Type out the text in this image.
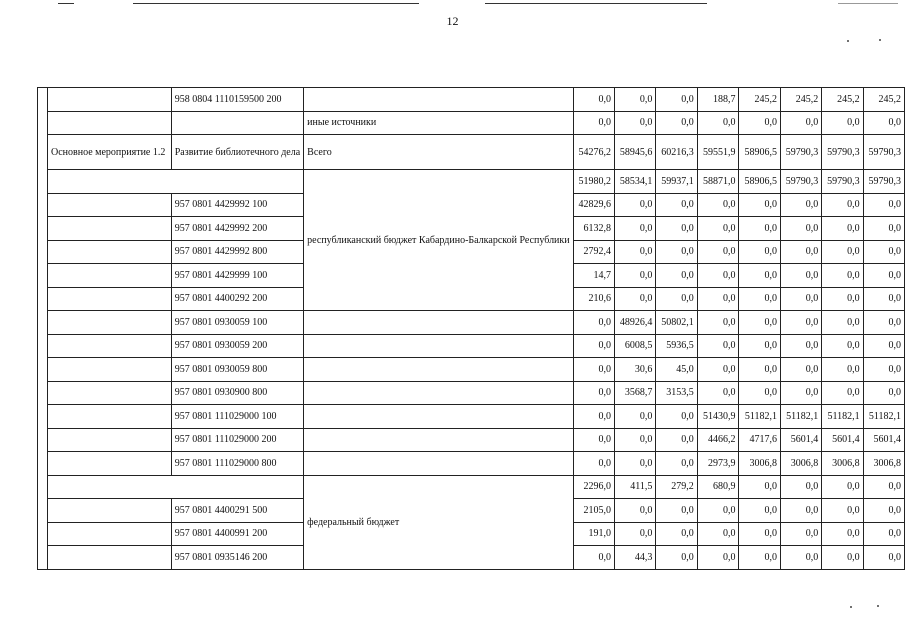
12
		958 0804 1110159500 200		0,0	0,0	0,0	188,7	245,2	245,2	245,2	245,2
			иные источники	0,0	0,0	0,0	0,0	0,0	0,0	0,0	0,0
	Основное мероприятие 1.2	Развитие библиотечного дела	Всего	54276,2	58945,6	60216,3	59551,9	58906,5	59790,3	59790,3	59790,3
			республиканский бюджет Кабардино-Балкарской Республики	51980,2	58534,1	59937,1	58871,0	58906,5	59790,3	59790,3	59790,3
		957 0801 4429992 100		42829,6	0,0	0,0	0,0	0,0	0,0	0,0	0,0
		957 0801 4429992 200		6132,8	0,0	0,0	0,0	0,0	0,0	0,0	0,0
		957 0801 4429992 800		2792,4	0,0	0,0	0,0	0,0	0,0	0,0	0,0
		957 0801 4429999 100		14,7	0,0	0,0	0,0	0,0	0,0	0,0	0,0
		957 0801 4400292 200		210,6	0,0	0,0	0,0	0,0	0,0	0,0	0,0
		957 0801 0930059 100		0,0	48926,4	50802,1	0,0	0,0	0,0	0,0	0,0
		957 0801 0930059 200		0,0	6008,5	5936,5	0,0	0,0	0,0	0,0	0,0
		957 0801 0930059 800		0,0	30,6	45,0	0,0	0,0	0,0	0,0	0,0
		957 0801 0930900 800		0,0	3568,7	3153,5	0,0	0,0	0,0	0,0	0,0
		957 0801 111029000 100		0,0	0,0	0,0	51430,9	51182,1	51182,1	51182,1	51182,1
		957 0801 111029000 200		0,0	0,0	0,0	4466,2	4717,6	5601,4	5601,4	5601,4
		957 0801 111029000 800		0,0	0,0	0,0	2973,9	3006,8	3006,8	3006,8	3006,8
			федеральный бюджет	2296,0	411,5	279,2	680,9	0,0	0,0	0,0	0,0
		957 0801 4400291 500		2105,0	0,0	0,0	0,0	0,0	0,0	0,0	0,0
		957 0801 4400991 200		191,0	0,0	0,0	0,0	0,0	0,0	0,0	0,0
		957 0801 0935146 200		0,0	44,3	0,0	0,0	0,0	0,0	0,0	0,0
